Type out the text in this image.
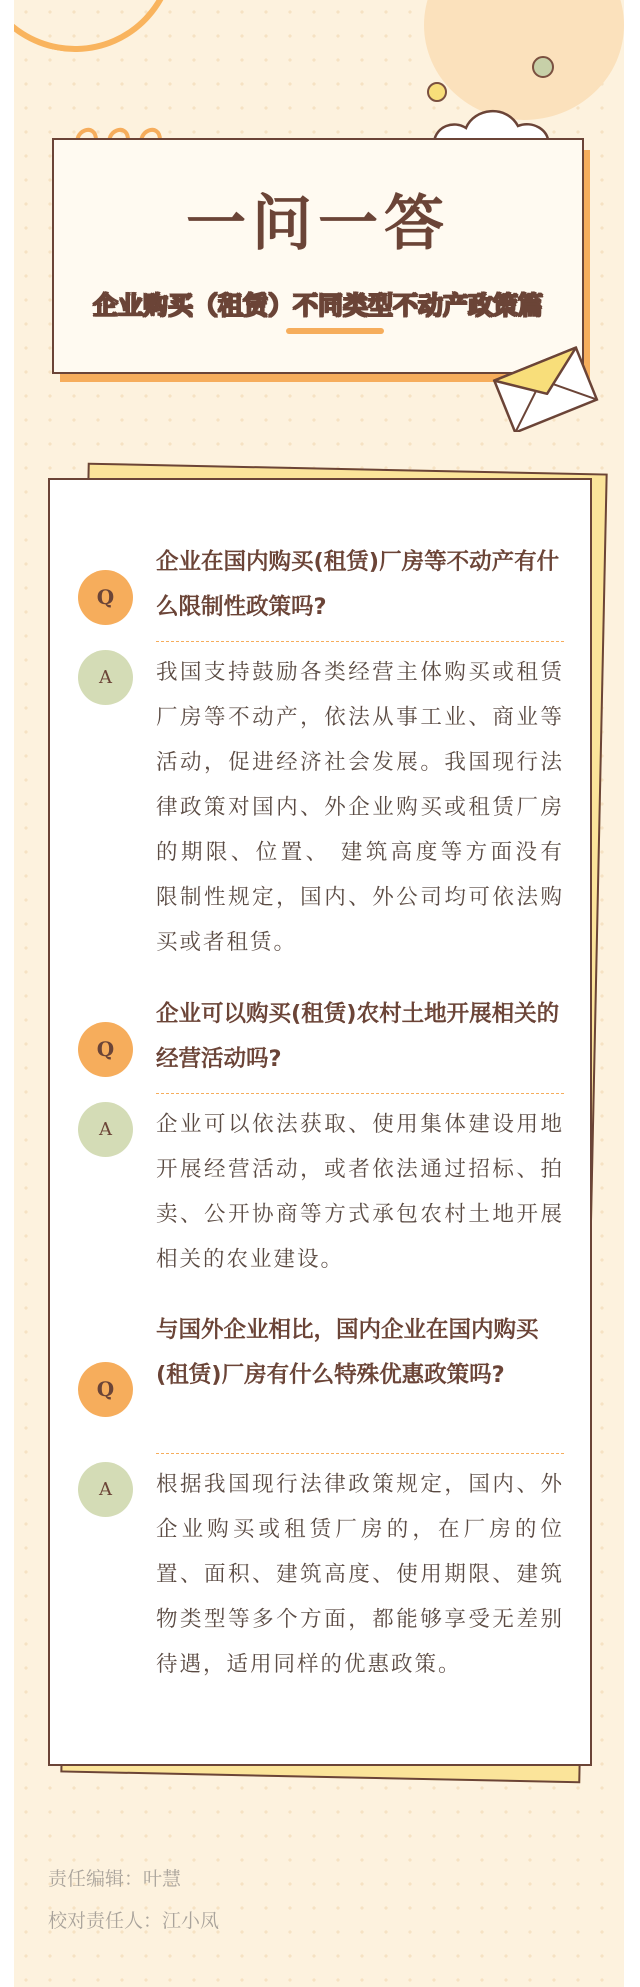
一问一答
企业购买（租赁）不同类型不动产政策篇
Q
企业在国内购买(租赁)厂房等不动产有什么限制性政策吗?
A	我国支持鼓励各类经营主体购买或租赁厂房等不动产，依法从事工业、商业等活动，促进经济社会发展。我国现行法律政策对国内、外企业购买或租赁厂房的期限、位置、 建筑高度等方面没有限制性规定，国内、外公司均可依法购买或者租赁。
Q
企业可以购买(租赁)农村土地开展相关的经营活动吗?
A	企业可以依法获取、使用集体建设用地开展经营活动，或者依法通过招标、拍卖、公开协商等方式承包农村土地开展相关的农业建设。
Q
与国外企业相比，国内企业在国内购买(租赁)厂房有什么特殊优惠政策吗?
A	根据我国现行法律政策规定，国内、外企业购买或租赁厂房的，在厂房的位置、面积、建筑高度、使用期限、建筑物类型等多个方面，都能够享受无差别待遇，适用同样的优惠政策。
责任编辑：叶慧
校对责任人：江小凤
